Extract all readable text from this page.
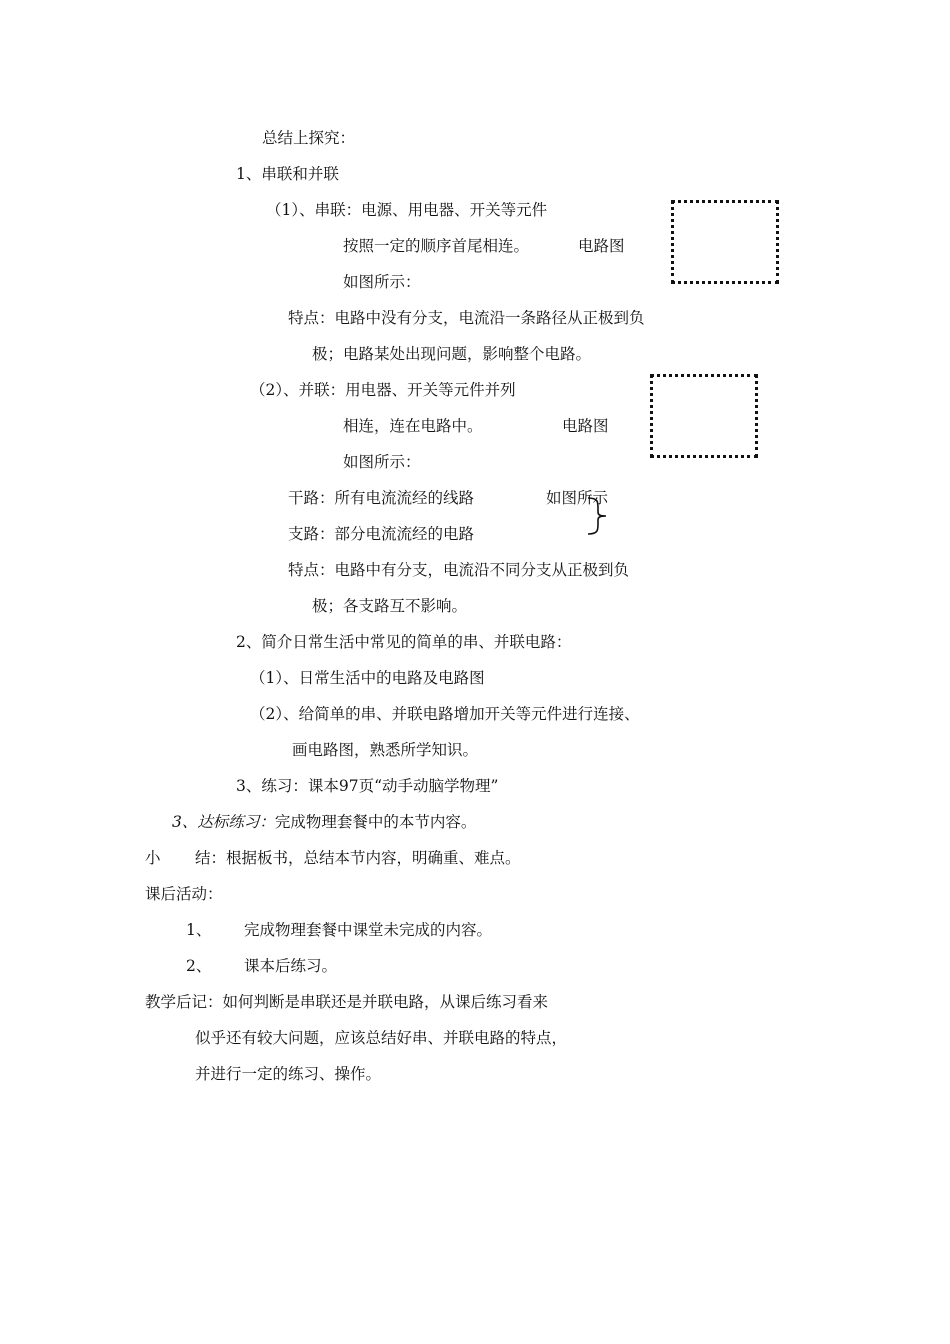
总结上探究：
1、串联和并联
（1）、串联：电源、用电器、开关等元件
按照一定的顺序首尾相连。	电路图
如图所示：
特点：电路中没有分支，电流沿一条路径从正极到负
极；电路某处出现问题，影响整个电路。
（2）、并联：用电器、开关等元件并列
相连，连在电路中。	电路图
如图所示：
干路：所有电流流经的线路	如图所示
支路：部分电流流经的电路
特点：电路中有分支，电流沿不同分支从正极到负
极；各支路互不影响。
2、简介日常生活中常见的简单的串、并联电路：
（1）、日常生活中的电路及电路图
（2）、给简单的串、并联电路增加开关等元件进行连接、
画电路图，熟悉所学知识。
3、练习：课本97页“动手动脑学物理”
3、达标练习：完成物理套餐中的本节内容。
小 结：根据板书，总结本节内容，明确重、难点。
课后活动：
1、 完成物理套餐中课堂未完成的内容。
2、 课本后练习。
教学后记：如何判断是串联还是并联电路，从课后练习看来
似乎还有较大问题，应该总结好串、并联电路的特点，
并进行一定的练习、操作。
